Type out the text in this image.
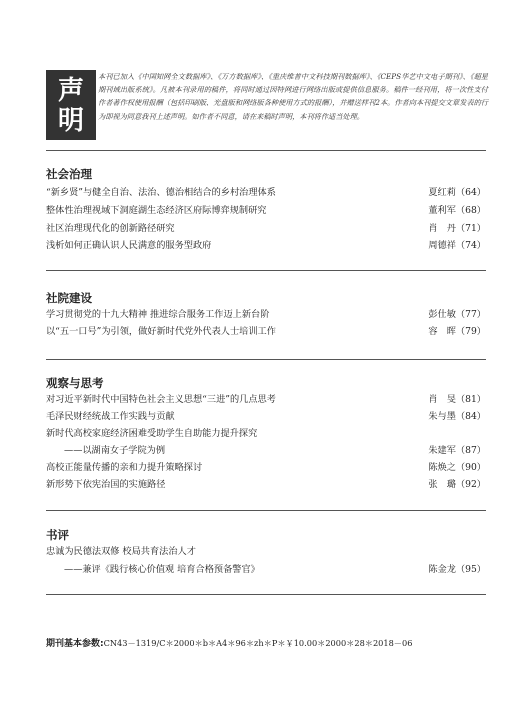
声
明
本刊已加入《中国知网全文数据库》、《万方数据库》、《重庆维普中文科技期刊数据库》、《CEPS华艺中文电子期刊》、《超星期刊域出版系统》。凡被本刊录用的稿件，将同时通过因特网进行网络出版或提供信息服务。稿件一经刊用，将一次性支付作者著作权使用报酬（包括印刷版、光盘版和网络版各种使用方式的报酬），并赠送样刊2本。作者向本刊提交文章发表的行为即视为同意我刊上述声明。如作者不同意，请在来稿时声明，本刊将作适当处理。
社会治理
“新乡贤”与健全自治、法治、德治相结合的乡村治理体系	夏红莉（64）
整体性治理视域下洞庭湖生态经济区府际博弈规制研究	董利军（68）
社区治理现代化的创新路径研究	肖　丹（71）
浅析如何正确认识人民满意的服务型政府	周德祥（74）
社院建设
学习贯彻党的十九大精神 推进综合服务工作迈上新台阶	彭仕敏（77）
以“五一口号”为引领，做好新时代党外代表人士培训工作	容　晖（79）
观察与思考
对习近平新时代中国特色社会主义思想“三进”的几点思考	肖　旻（81）
毛泽民财经统战工作实践与贡献	朱与墨（84）
新时代高校家庭经济困难受助学生自助能力提升探究
——以湖南女子学院为例	朱建军（87）
高校正能量传播的亲和力提升策略探讨	陈焕之（90）
新形势下依宪治国的实施路径	张　璐（92）
书评
忠诚为民德法双修 校局共育法治人才
——兼评《践行核心价值观 培育合格预备警官》	陈金龙（95）
期刊基本参数:CN43－1319/C＊2000＊b＊A4＊96＊zh＊P＊￥10.00＊2000＊28＊2018－06
